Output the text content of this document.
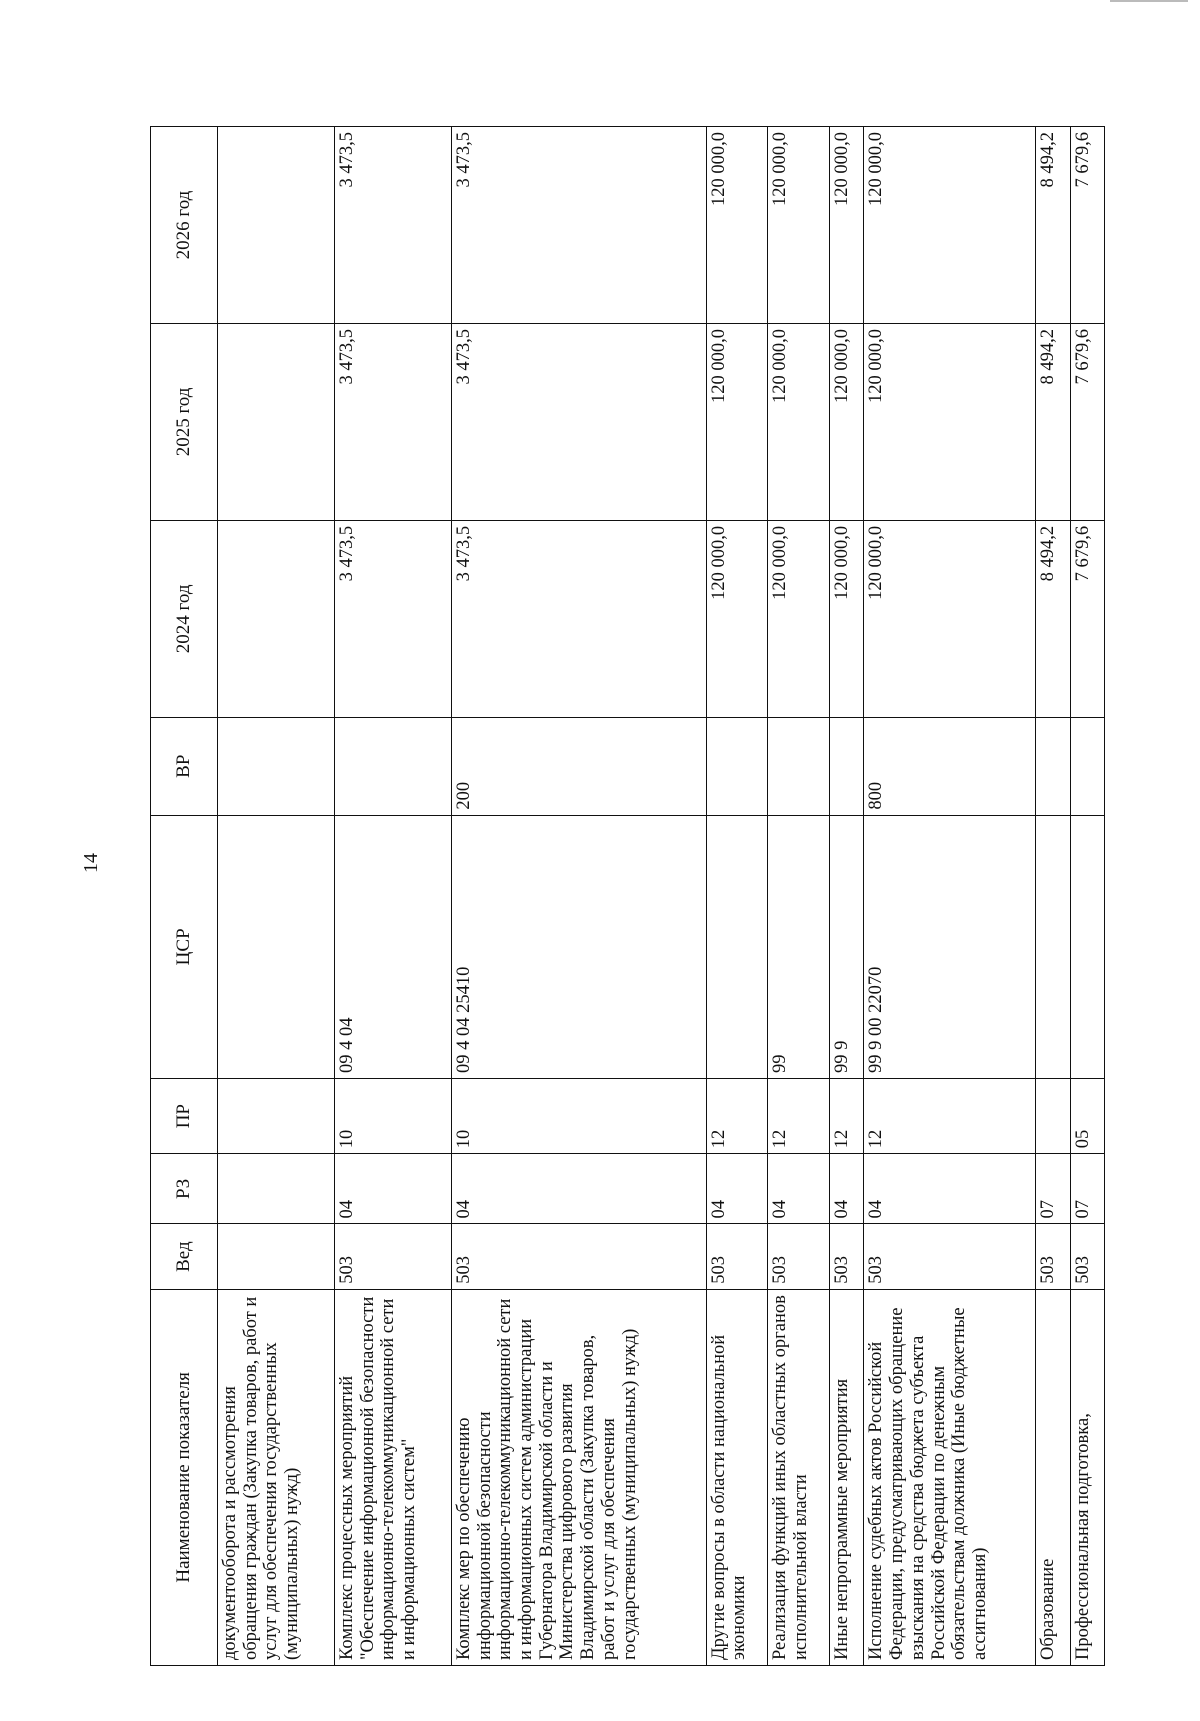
14
Наименование показателя	Вед	РЗ	ПР	ЦСР	ВР	2024 год	2025 год	2026 год
документооборота и рассмотрения обращения граждан (Закупка товаров, работ и услуг для обеспечения государственных (муниципальных) нужд)								
Комплекс процессных мероприятий "Обеспечение информационной безопасности информационно-телекоммуникационной сети и информационных систем"	503	04	10	09 4 04		3 473,5	3 473,5	3 473,5
Комплекс мер по обеспечению информационной безопасности информационно-телекоммуникационной сети и информационных систем администрации Губернатора Владимирской области и Министерства цифрового развития Владимирской области (Закупка товаров, работ и услуг для обеспечения государственных (муниципальных) нужд)	503	04	10	09 4 04 25410	200	3 473,5	3 473,5	3 473,5
Другие вопросы в области национальной экономики	503	04	12			120 000,0	120 000,0	120 000,0
Реализация функций иных областных органов исполнительной власти	503	04	12	99		120 000,0	120 000,0	120 000,0
Иные непрограммные мероприятия	503	04	12	99 9		120 000,0	120 000,0	120 000,0
Исполнение судебных актов Российской Федерации, предусматривающих обращение взыскания на средства бюджета субъекта Российской Федерации по денежным обязательствам должника (Иные бюджетные ассигнования)	503	04	12	99 9 00 22070	800	120 000,0	120 000,0	120 000,0
Образование	503	07				8 494,2	8 494,2	8 494,2
Профессиональная подготовка,	503	07	05			7 679,6	7 679,6	7 679,6
